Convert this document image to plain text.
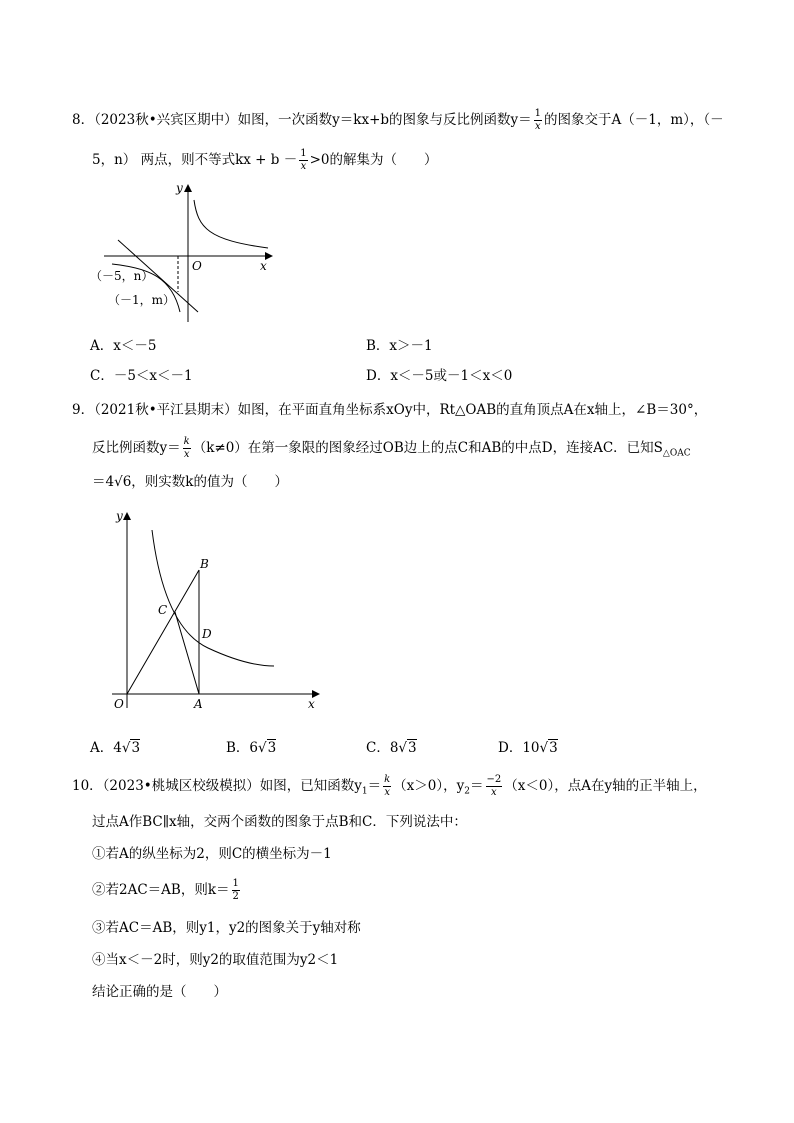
8．（2023秋•兴宾区期中）如图，一次函数y＝kx+b的图象与反比例函数$y= \frac{1}{x}$ 的图象交于A（－1，m），（－
5，n） 两点，则不等式kx + $b - \frac{1}{x} >0$的解集为（　　）
y
x
O
（－5，n）
（－1，m）
A．x＜－5	B．x＞－1
C．－5＜x＜－1	D．x＜－5或－1＜x＜0
9．（2021秋•平江县期末）如图，在平面直角坐标系xOy中，Rt△OAB的直角顶点A在x轴上，∠B＝30°，
反比例函数$y= \frac{k}{x} (k\ne 0)$在第一象限的图象经过OB边上的点C和AB的中点D，连接AC．已知$S_{\triangle OAC}$
＝4√6，则实数k的值为（　　）
y
x
O	A
B
C
D
A．4√3	B．6√3	C．8√3	D．10√3
10．（2023•桃城区校级模拟）如图，已知函数$y_1= \frac{k}{x} (x>0)$，$y_2= \frac{-2}{x} (x<0)$，点A在y轴的正半轴上，
过点A作BC∥x轴，交两个函数的图象于点B和C．下列说法中：
①若A的纵坐标为2，则C的横坐标为－1
②若2AC＝AB，则$k= \frac{1}{2}$
③若AC＝AB，则y1，y2的图象关于y轴对称
④当x＜－2时，则y2的取值范围为y2＜1
结论正确的是（　　）
